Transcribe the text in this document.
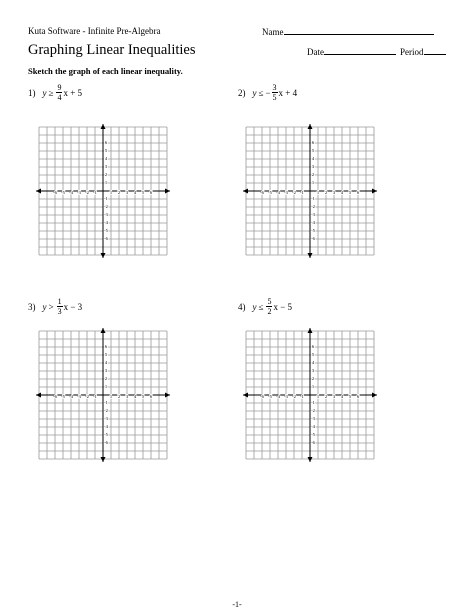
Kuta Software - Infinite Pre-Algebra	Name
Graphing Linear Inequalities	Date	Period
Sketch the graph of each linear inequality.
1) $y \ge \frac{9}{4}$ x + 5	2) y ≤ − $\frac{3}{5}$ x + 4
3) $y > \frac{1}{3}$ x − 3	4) $y \le \frac{5}{2}$ x − 5
-6 -5 -4 -3 -2 -1	1 2 3 4 5 6
6
5
4
3
2
1
-1
-2
-3
-4
-5
-6
-6 -5 -4 -3 -2 -1	1 2 3 4 5 6
6
5
4
3
2
1
-1
-2
-3
-4
-5
-6
-6 -5 -4 -3 -2 -1	1 2 3 4 5 6
6
5
4
3
2
1
-1
-2
-3
-4
-5
-6
-6 -5 -4 -3 -2 -1	1 2 3 4 5 6
6
5
4
3
2
1
-1
-2
-3
-4
-5
-6
-1-
